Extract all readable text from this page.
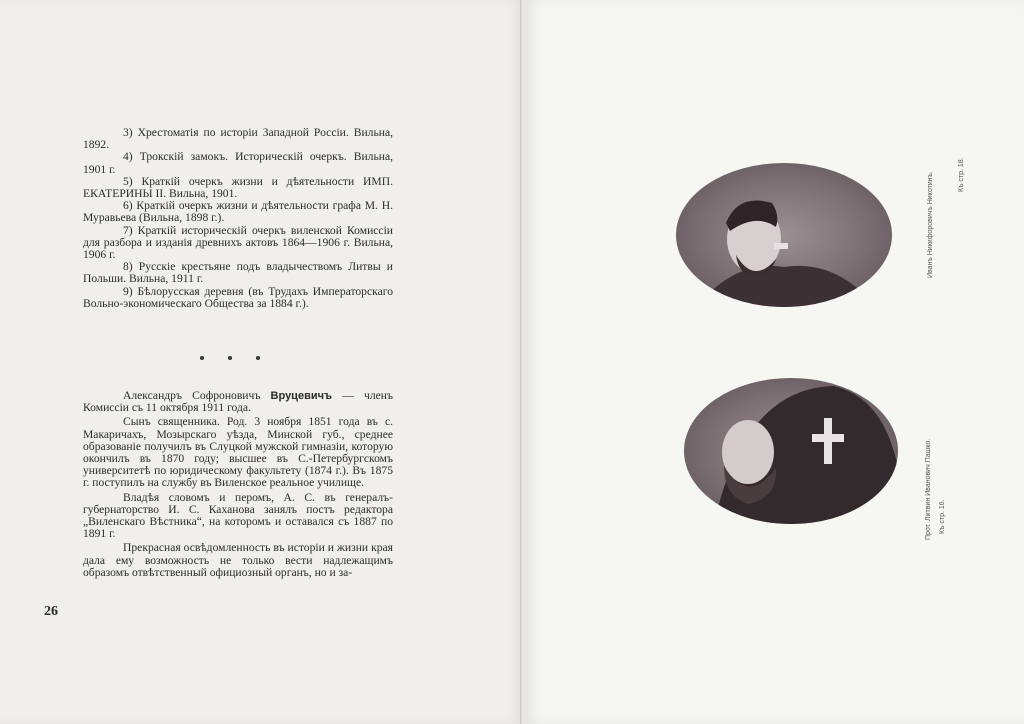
3) Хрестоматія по исторіи Западной Россіи. Вильна, 1892.

4) Трокскій замокъ. Историческій очеркъ. Вильна, 1901 г.

5) Краткій очеркъ жизни и дѣятельности ИМП. ЕКАТЕРИНЫ II. Вильна, 1901.

6) Краткій очеркъ жизни и дѣятельности графа М. Н. Муравьева (Вильна, 1898 г.).

7) Краткій историческій очеркъ виленской Комиссіи для разбора и изданія древнихъ актовъ 1864—1906 г. Вильна, 1906 г.

8) Русскіе крестьяне подъ владычествомъ Литвы и Польши. Вильна, 1911 г.

9) Бѣлорусская деревня (въ Трудахъ Императорскаго Вольно-экономическаго Общества за 1884 г.).

Александръ Софроновичъ Вруцевичъ — членъ Комиссіи съ 11 октября 1911 года.

Сынъ священника. Род. 3 ноября 1851 года въ с. Макаричахъ, Мозырскаго уѣзда, Минской губ., среднее образованіе получилъ въ Слуцкой мужской гимназіи, которую окончилъ въ 1870 году; высшее въ С.-Петербургскомъ университетѣ по юридическому факультету (1874 г.). Въ 1875 г. поступилъ на службу въ Виленское реальное училище.

Владѣя словомъ и перомъ, А. С. въ генералъ-губернаторство И. С. Каханова занялъ постъ редактора „Виленскаго Вѣстника“, на которомъ и оставался съ 1887 по 1891 г.

Прекрасная освѣдомленность въ исторіи и жизни края дала ему возможность не только вести надлежащимъ образомъ отвѣтственный официозный органъ, но и за-

26
Иванъ Никифоровичъ Никотинъ.	Къ стр. 18.
Прот. Литвин Иванович Пашко. Къ стр. 16.
